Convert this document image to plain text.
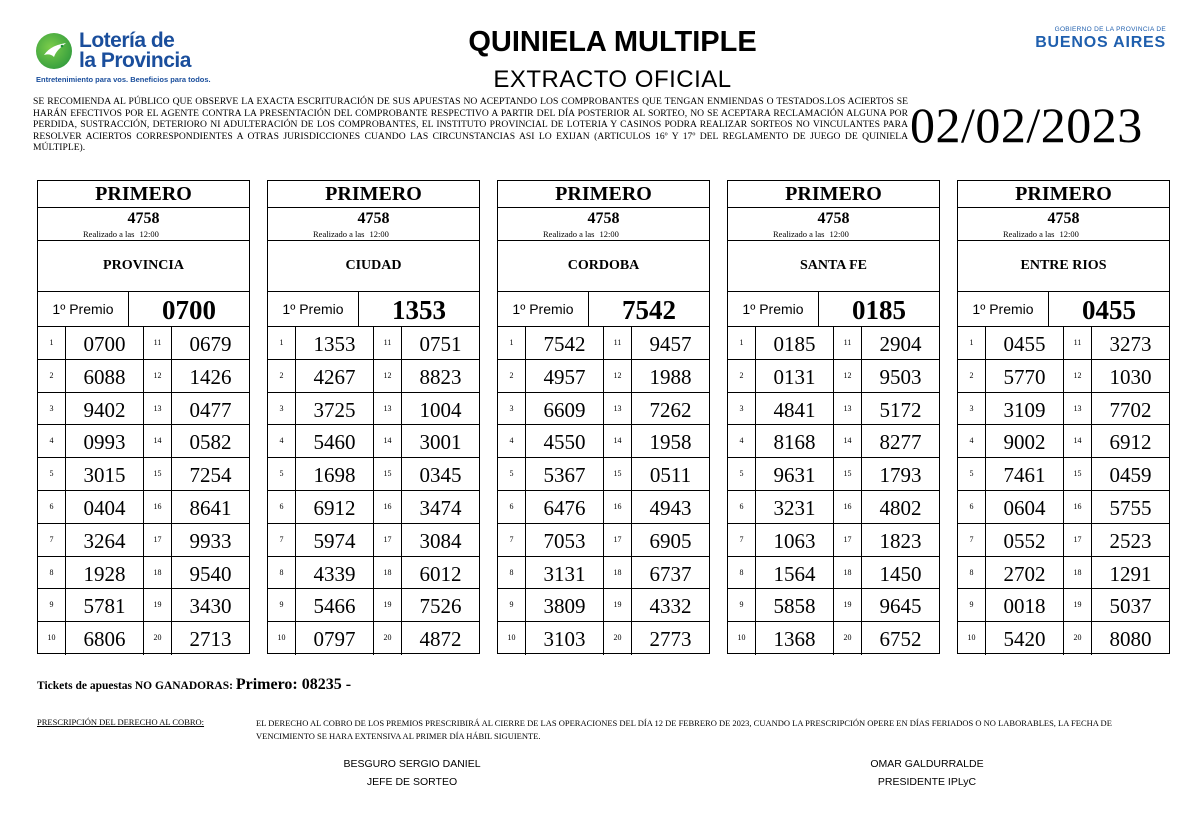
Lotería de
la Provincia
Entretenimiento para vos. Beneficios para todos.
QUINIELA MULTIPLE
EXTRACTO OFICIAL
GOBIERNO DE LA PROVINCIA DE
BUENOS AIRES
SE RECOMIENDA AL PÚBLICO QUE OBSERVE LA EXACTA ESCRITURACIÓN DE SUS APUESTAS NO ACEPTANDO LOS COMPROBANTES QUE TENGAN ENMIENDAS O TESTADOS.LOS ACIERTOS SE HARÁN EFECTIVOS POR EL AGENTE CONTRA LA PRESENTACIÓN DEL COMPROBANTE RESPECTIVO A PARTIR DEL DÍA POSTERIOR AL SORTEO, NO SE ACEPTARA RECLAMACIÓN ALGUNA POR PERDIDA, SUSTRACCIÓN, DETERIORO NI ADULTERACIÓN DE LOS COMPROBANTES, EL INSTITUTO PROVINCIAL DE LOTERIA Y CASINOS PODRA REALIZAR SORTEOS NO VINCULANTES PARA RESOLVER ACIERTOS CORRESPONDIENTES A OTRAS JURISDICCIONES CUANDO LAS CIRCUNSTANCIAS ASI LO EXIJAN (ARTICULOS 16º Y 17º DEL REGLAMENTO DE JUEGO DE QUINIELA MÚLTIPLE).	02/02/2023
PRIMERO
4758
Realizado a las 12:00
PROVINCIA
1º Premio	0700
1	0700	11	0679
2	6088	12	1426
3	9402	13	0477
4	0993	14	0582
5	3015	15	7254
6	0404	16	8641
7	3264	17	9933
8	1928	18	9540
9	5781	19	3430
10	6806	20	2713
PRIMERO
4758
Realizado a las 12:00
CIUDAD
1º Premio	1353
1	1353	11	0751
2	4267	12	8823
3	3725	13	1004
4	5460	14	3001
5	1698	15	0345
6	6912	16	3474
7	5974	17	3084
8	4339	18	6012
9	5466	19	7526
10	0797	20	4872
PRIMERO
4758
Realizado a las 12:00
CORDOBA
1º Premio	7542
1	7542	11	9457
2	4957	12	1988
3	6609	13	7262
4	4550	14	1958
5	5367	15	0511
6	6476	16	4943
7	7053	17	6905
8	3131	18	6737
9	3809	19	4332
10	3103	20	2773
PRIMERO
4758
Realizado a las 12:00
SANTA FE
1º Premio	0185
1	0185	11	2904
2	0131	12	9503
3	4841	13	5172
4	8168	14	8277
5	9631	15	1793
6	3231	16	4802
7	1063	17	1823
8	1564	18	1450
9	5858	19	9645
10	1368	20	6752
PRIMERO
4758
Realizado a las 12:00
ENTRE RIOS
1º Premio	0455
1	0455	11	3273
2	5770	12	1030
3	3109	13	7702
4	9002	14	6912
5	7461	15	0459
6	0604	16	5755
7	0552	17	2523
8	2702	18	1291
9	0018	19	5037
10	5420	20	8080
Tickets de apuestas NO GANADORAS: Primero: 08235 -
PRESCRIPCIÓN DEL DERECHO AL COBRO:	EL DERECHO AL COBRO DE LOS PREMIOS PRESCRIBIRÁ AL CIERRE DE LAS OPERACIONES DEL DÍA 12 DE FEBRERO DE 2023, CUANDO LA PRESCRIPCIÓN OPERE EN DÍAS FERIADOS O NO LABORABLES, LA FECHA DE VENCIMIENTO SE HARA EXTENSIVA AL PRIMER DÍA HÁBIL SIGUIENTE.
BESGURO SERGIO DANIEL
JEFE DE SORTEO
OMAR GALDURRALDE
PRESIDENTE IPLyC
